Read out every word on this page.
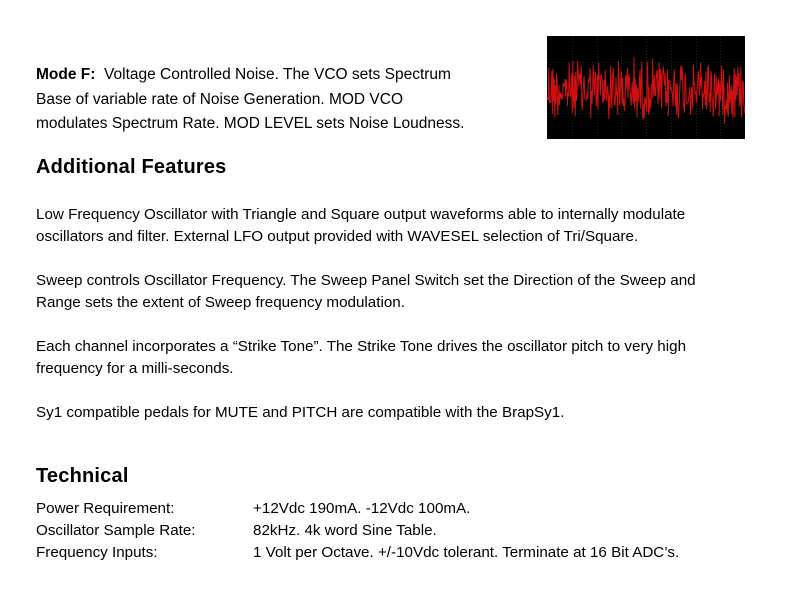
Mode F: Voltage Controlled Noise. The VCO sets Spectrum
Base of variable rate of Noise Generation. MOD VCO
modulates Spectrum Rate. MOD LEVEL sets Noise Loudness.
Additional Features
Low Frequency Oscillator with Triangle and Square output waveforms able to internally modulate
oscillators and filter. External LFO output provided with WAVESEL selection of Tri/Square.
Sweep controls Oscillator Frequency. The Sweep Panel Switch set the Direction of the Sweep and
Range sets the extent of Sweep frequency modulation.
Each channel incorporates a “Strike Tone”. The Strike Tone drives the oscillator pitch to very high
frequency for a milli-seconds.
Sy1 compatible pedals for MUTE and PITCH are compatible with the BrapSy1.
Technical
Power Requirement:	+12Vdc 190mA. -12Vdc 100mA.
Oscillator Sample Rate:	82kHz. 4k word Sine Table.
Frequency Inputs:	1 Volt per Octave. +/-10Vdc tolerant. Terminate at 16 Bit ADC’s.
